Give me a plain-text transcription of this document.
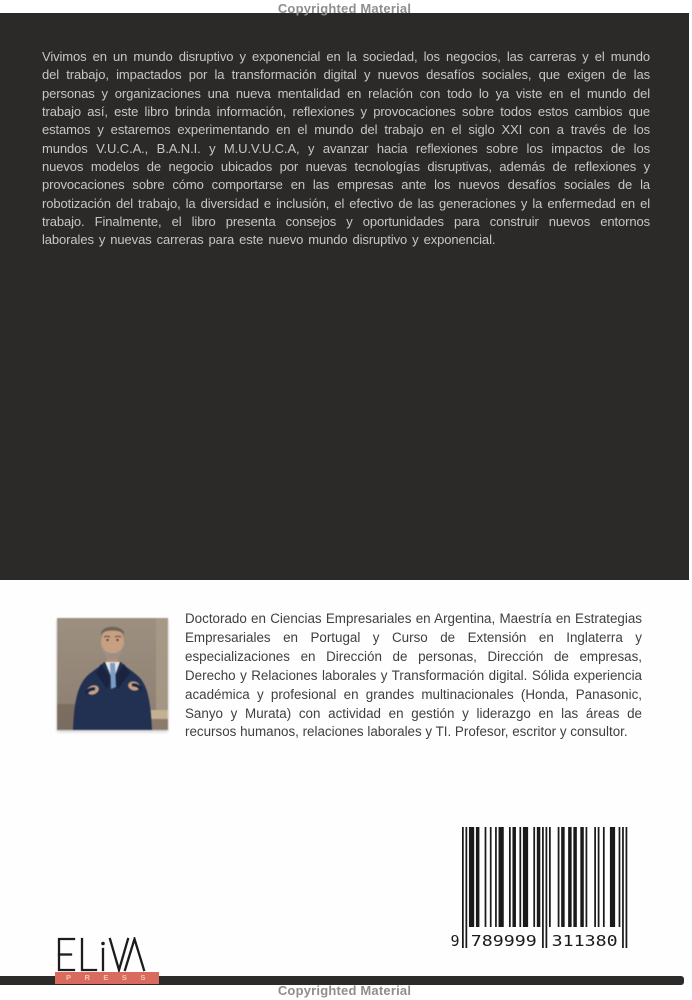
Copyrighted Material
Vivimos en un mundo disruptivo y exponencial en la sociedad, los negocios, las carreras y el mundo del trabajo, impactados por la transformación digital y nuevos desafíos sociales, que exigen de las personas y organizaciones una nueva mentalidad en relación con todo lo ya viste en el mundo del trabajo así, este libro brinda información, reflexiones y provocaciones sobre todos estos cambios que estamos y estaremos experimentando en el mundo del trabajo en el siglo XXI con a través de los mundos V.U.C.A., B.A.N.I. y M.U.V.U.C.A, y avanzar hacia reflexiones sobre los impactos de los nuevos modelos de negocio ubicados por nuevas tecnologías disruptivas, además de reflexiones y provocaciones sobre cómo comportarse en las empresas ante los nuevos desafíos sociales de la robotización del trabajo, la diversidad e inclusión, el efectivo de las generaciones y la enfermedad en el trabajo. Finalmente, el libro presenta consejos y oportunidades para construir nuevos entornos laborales y nuevas carreras para este nuevo mundo disruptivo y exponencial.
Doctorado en Ciencias Empresariales en Argentina, Maestría en Estrategias Empresariales en Portugal y Curso de Extensión en Inglaterra y especializaciones en Dirección de personas, Dirección de empresas, Derecho y Relaciones laborales y Transformación digital. Sólida experiencia académica y profesional en grandes multinacionales (Honda, Panasonic, Sanyo y Murata) con actividad en gestión y liderazgo en las áreas de recursos humanos, relaciones laborales y TI. Profesor, escritor y consultor.
9 789999 311380
PRESS
Copyrighted Material
